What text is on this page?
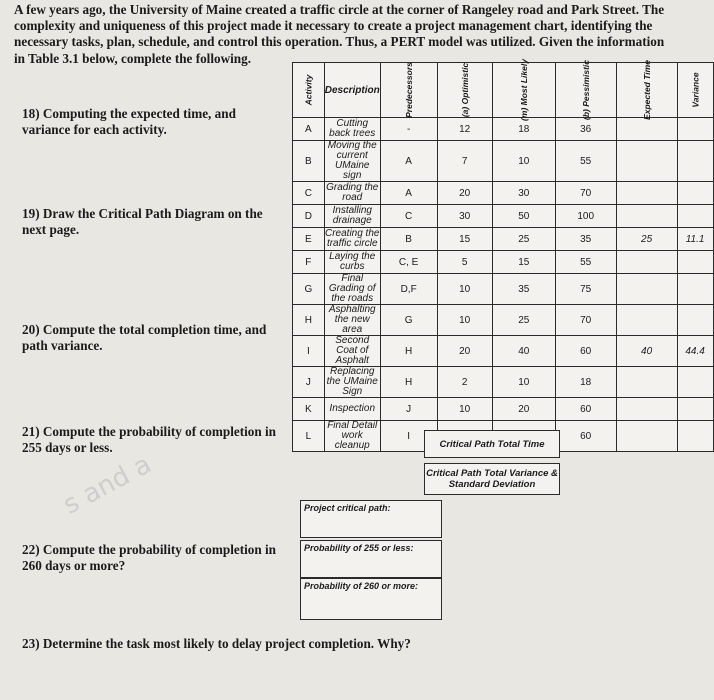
A few years ago, the University of Maine created a traffic circle at the corner of Rangeley road and Park Street. The complexity and uniqueness of this project made it necessary to create a project management chart, identifying the necessary tasks, plan, schedule, and control this operation. Thus, a PERT model was utilized. Given the information in Table 3.1 below, complete the following.
18) Computing the expected time, and variance for each activity.
19) Draw the Critical Path Diagram on the next page.
20) Compute the total completion time, and path variance.
21) Compute the probability of completion in 255 days or less.
22) Compute the probability of completion in 260 days or more?
23) Determine the task most likely to delay project completion. Why?
s and a
Activity	Description	Predecessors	(a) Optimistic	(m) Most Likely	(b) Pessimistic	Expected Time	Variance
A	Cutting back trees	-	12	18	36		
B	Moving the current UMaine sign	A	7	10	55		
C	Grading the road	A	20	30	70		
D	Installing drainage	C	30	50	100		
E	Creating the traffic circle	B	15	25	35	25	11.1
F	Laying the curbs	C, E	5	15	55		
G	Final Grading of the roads	D,F	10	35	75		
H	Asphalting the new area	G	10	25	70		
I	Second Coat of Asphalt	H	20	40	60	40	44.4
J	Replacing the UMaine Sign	H	2	10	18		
K	Inspection	J	10	20	60		
L	Final Detail work cleanup	I			60		
Critical Path Total Time
Critical Path Total Variance & Standard Deviation
Project critical path:
Probability of 255 or less:
Probability of 260 or more:
